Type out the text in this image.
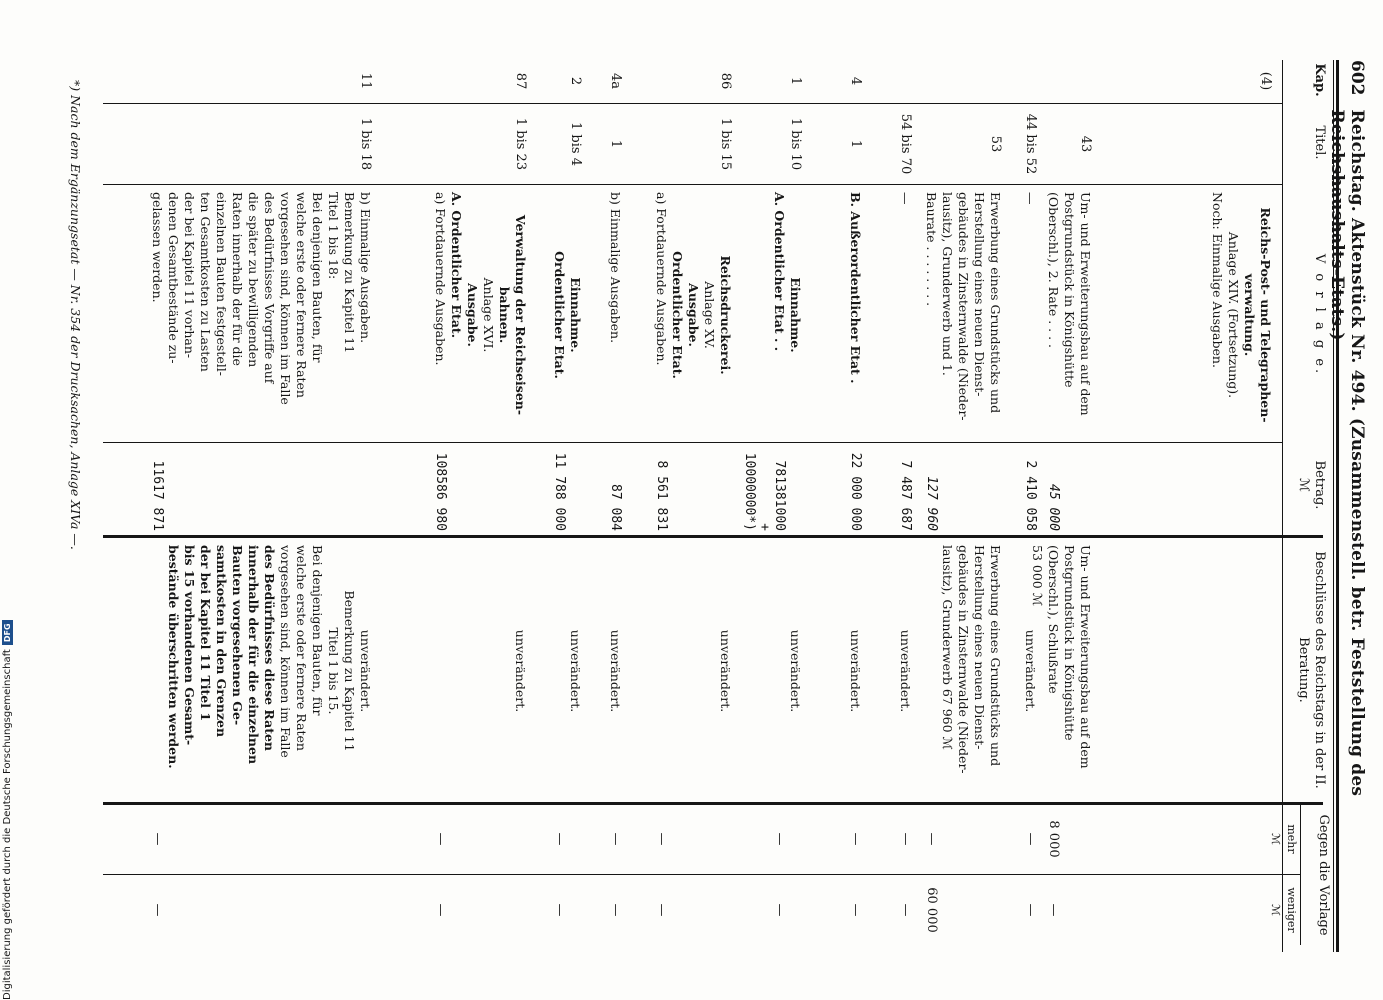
602
Reichstag. Aktenstück Nr. 494. (Zusammenstell. betr. Feststellung des Reichshaushalts-Etats.)
Kap.
Titel.
V o r l a g e.
Betrag.
ℳ
Beschlüsse des Reichstags in der II. Beratung.
Gegen die Vorlage
mehr
ℳ
weniger
ℳ
*) Nach dem Ergänzungsetat — Nr. 354 der Drucksachen, Anlage XIVa —.	(4)
Reichs-Post- und Telegraphen-
verwaltung.
Anlage XIV. (Fortsetzung).
Noch: Einmalige Ausgaben.
43
Um- und Erweiterungsbau auf dem
Postgrundstück in Königshütte
(Oberschl.), 2. Rate . . . .
45 000
Um- und Erweiterungsbau auf dem
Postgrundstück in Königshütte
(Oberschl.), Schlußrate
53 000 ℳ
8 000
—
44 bis 52
—
2 410 058
unverändert.
—
—
53
Erwerbung eines Grundstücks und
Herstellung eines neuen Dienst-
gebäudes in Zinsternwalde (Nieder-
lausitz), Grunderwerb und 1.
Baurate . . . . . . . .
127 960
Erwerbung eines Grundstücks und
Herstellung eines neuen Dienst-
gebäudes in Zinsternwalde (Nieder-
lausitz), Grunderwerb 67 960 ℳ
—
60 000
54 bis 70
—
7 487 687
unverändert.
—
—
4
1
B. Außerordentlicher Etat .
22 000 000
unverändert.
—
—
1
1 bis 10
Einnahme.
A. Ordentlicher Etat . .
781381000 + 10000000*)
unverändert.
—
—
86
1 bis 15
Reichsdruckerei.
Anlage XV.
Ausgabe.
Ordentlicher Etat.
a) Fortdauernde Ausgaben.
8 561 831
unverändert.
—
—
4a
1
b) Einmalige Ausgaben.
87 084
unverändert.
—
—
2
1 bis 4
Einnahme.
Ordentlicher Etat.
11 788 000
unverändert.
—
—
87
1 bis 23
Verwaltung der Reichseisen-
bahnen.
Anlage XVI.
Ausgabe.
A. Ordentlicher Etat.
a) Fortdauernde Ausgaben.
108586 980
unverändert.
—
—
11
1 bis 18
b) Einmalige Ausgaben.
Bemerkung zu Kapitel 11
Titel 1 bis 18:
Bei denjenigen Bauten, für
welche erste oder fernere Raten
vorgesehen sind, können im Falle
des Bedürfnisses Vorgriffe auf
die später zu bewilligenden
Raten innerhalb der für die
einzelnen Bauten festgestell-
ten Gesamtkosten zu Lasten
der bei Kapitel 11 vorhan-
denen Gesamtbestände zu-
gelassen werden.
11617 871
unverändert.
Bemerkung zu Kapitel 11
Titel 1 bis 15.
Bei denjenigen Bauten, für
welche erste oder fernere Raten
vorgesehen sind, können im Falle
des Bedürfnisses diese Raten
innerhalb der für die einzelnen
Bauten vorgesehenen Ge-
samtkosten in den Grenzen
der bei Kapitel 11 Titel 1
bis 15 vorhandenen Gesamt-
bestände überschritten werden.
—
—
Digitalisierung gefördert durch die Deutsche Forschungsgemeinschaft
DFG
